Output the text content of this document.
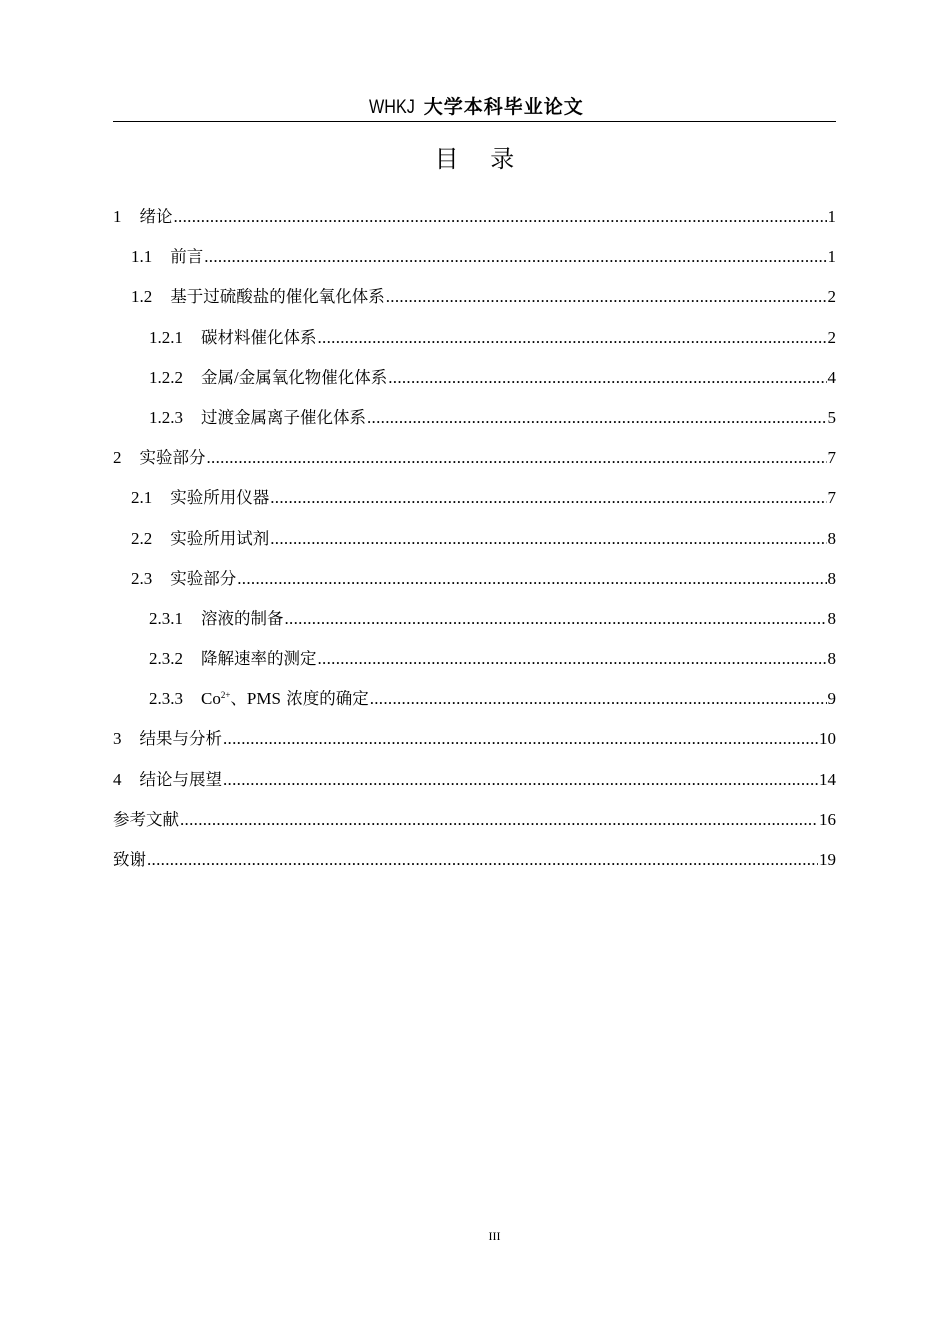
WHKJ 大学本科毕业论文
目 录
1	绪论 .....	1
1.1	前言 .....	1
1.2	基于过硫酸盐的催化氧化体系 .....	2
1.2.1	碳材料催化体系 .....	2
1.2.2	金属/金属氧化物催化体系 .....	4
1.2.3	过渡金属离子催化体系 .....	5
2	实验部分 .....	7
2.1	实验所用仪器 .....	7
2.2	实验所用试剂 .....	8
2.3	实验部分 .....	8
2.3.1	溶液的制备 .....	8
2.3.2	降解速率的测定 .....	8
2.3.3	$Co^{2+}$、PMS 浓度的确定 .....	9
3	结果与分析 .....	10
4	结论与展望 .....	14
参考文献 .....	16
致谢 .....	19
III
